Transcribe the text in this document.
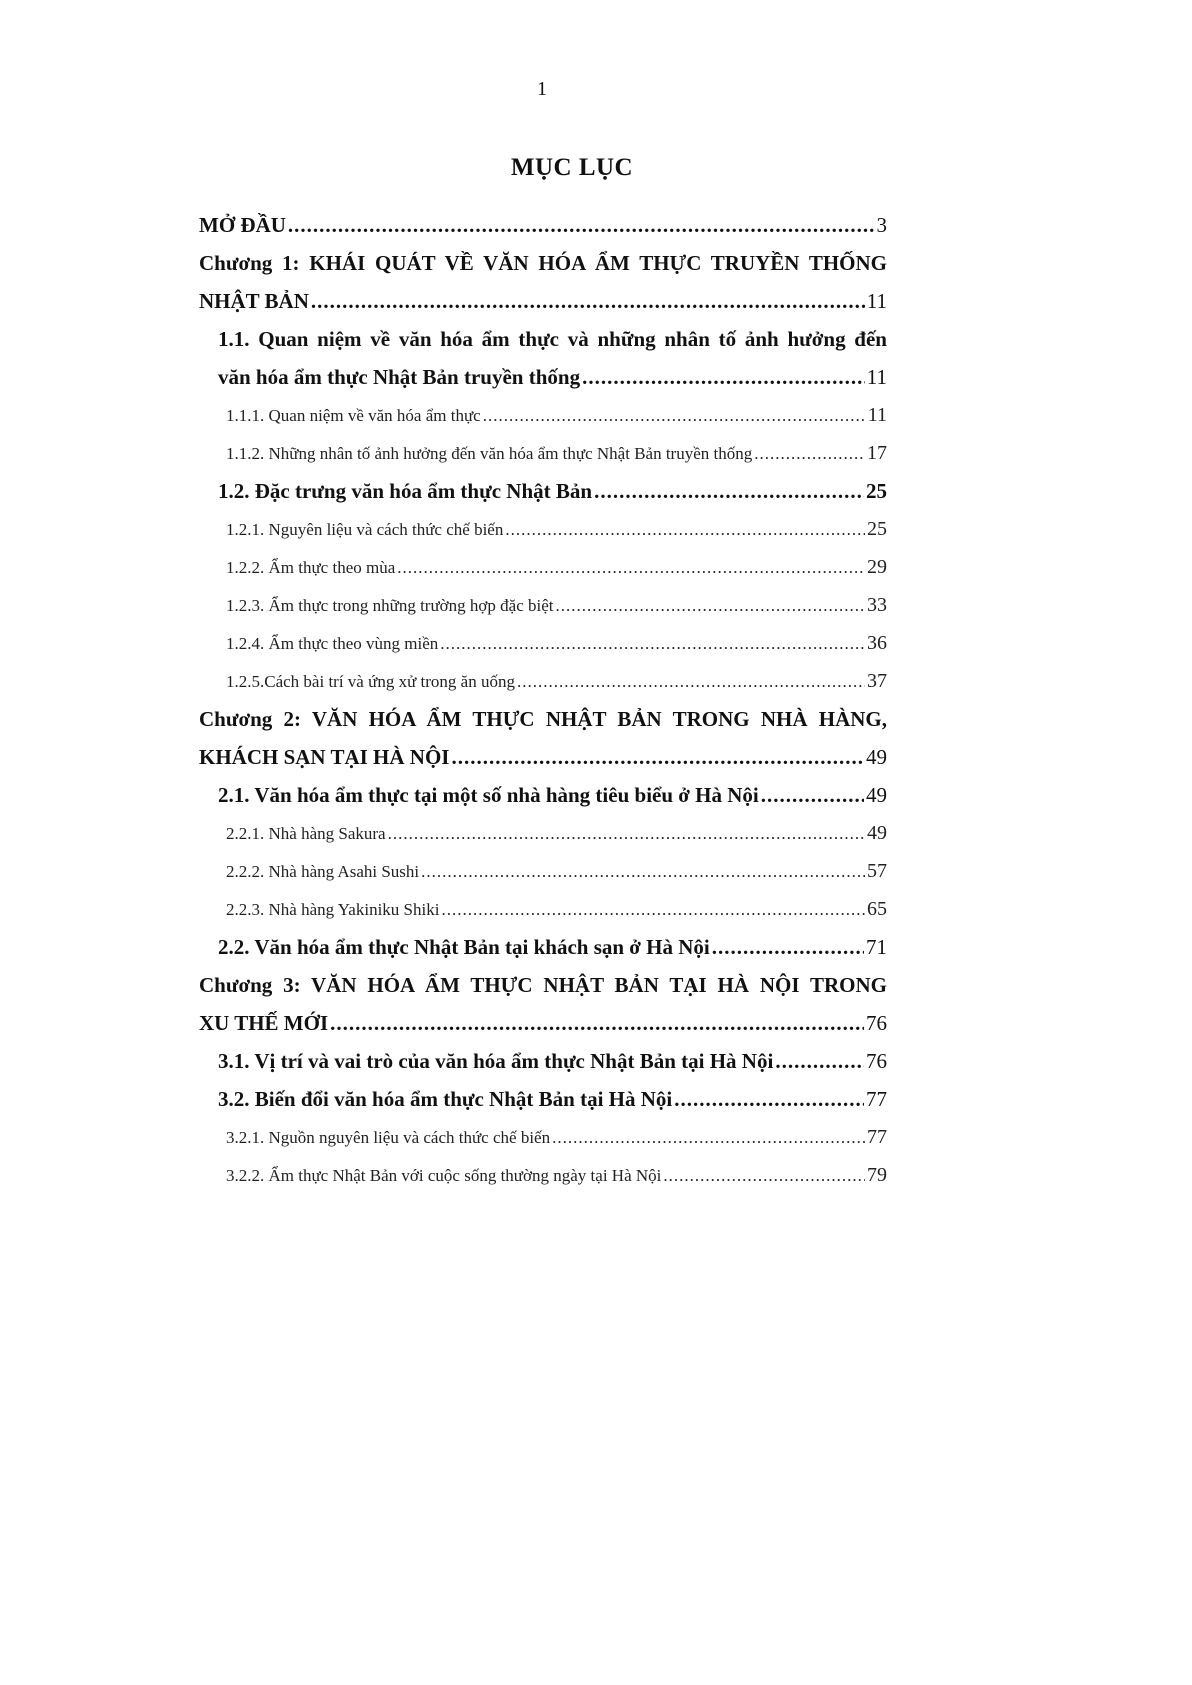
1
MỤC LỤC
MỞ ĐẦU .....	3
Chương 1: KHÁI QUÁT VỀ VĂN HÓA ẨM THỰC TRUYỀN THỐNG
NHẬT BẢN .....	11
1.1. Quan niệm về văn hóa ẩm thực và những nhân tố ảnh hưởng đến
văn hóa ẩm thực Nhật Bản truyền thống .....	11
1.1.1. Quan niệm về văn hóa ẩm thực .....	11
1.1.2. Những nhân tố ảnh hưởng đến văn hóa ẩm thực Nhật Bản truyền thống .....	17
1.2. Đặc trưng văn hóa ẩm thực Nhật Bản .....	25
1.2.1. Nguyên liệu và cách thức chế biến .....	25
1.2.2. Ẩm thực theo mùa .....	29
1.2.3. Ẩm thực trong những trường hợp đặc biệt .....	33
1.2.4. Ẩm thực theo vùng miền .....	36
1.2.5.Cách bài trí và ứng xử trong ăn uống .....	37
Chương 2: VĂN HÓA ẨM THỰC NHẬT BẢN TRONG NHÀ HÀNG,
KHÁCH SẠN TẠI HÀ NỘI .....	49
2.1. Văn hóa ẩm thực tại một số nhà hàng tiêu biểu ở Hà Nội .....	49
2.2.1. Nhà hàng Sakura .....	49
2.2.2. Nhà hàng Asahi Sushi .....	57
2.2.3. Nhà hàng Yakiniku Shiki .....	65
2.2. Văn hóa ẩm thực Nhật Bản tại khách sạn ở Hà Nội .....	71
Chương 3: VĂN HÓA ẨM THỰC NHẬT BẢN TẠI HÀ NỘI TRONG
XU THẾ MỚI .....	76
3.1. Vị trí và vai trò của văn hóa ẩm thực Nhật Bản tại Hà Nội .....	76
3.2. Biến đổi văn hóa ẩm thực Nhật Bản tại Hà Nội .....	77
3.2.1. Nguồn nguyên liệu và cách thức chế biến .....	77
3.2.2. Ẩm thực Nhật Bản với cuộc sống thường ngày tại Hà Nội .....	79
